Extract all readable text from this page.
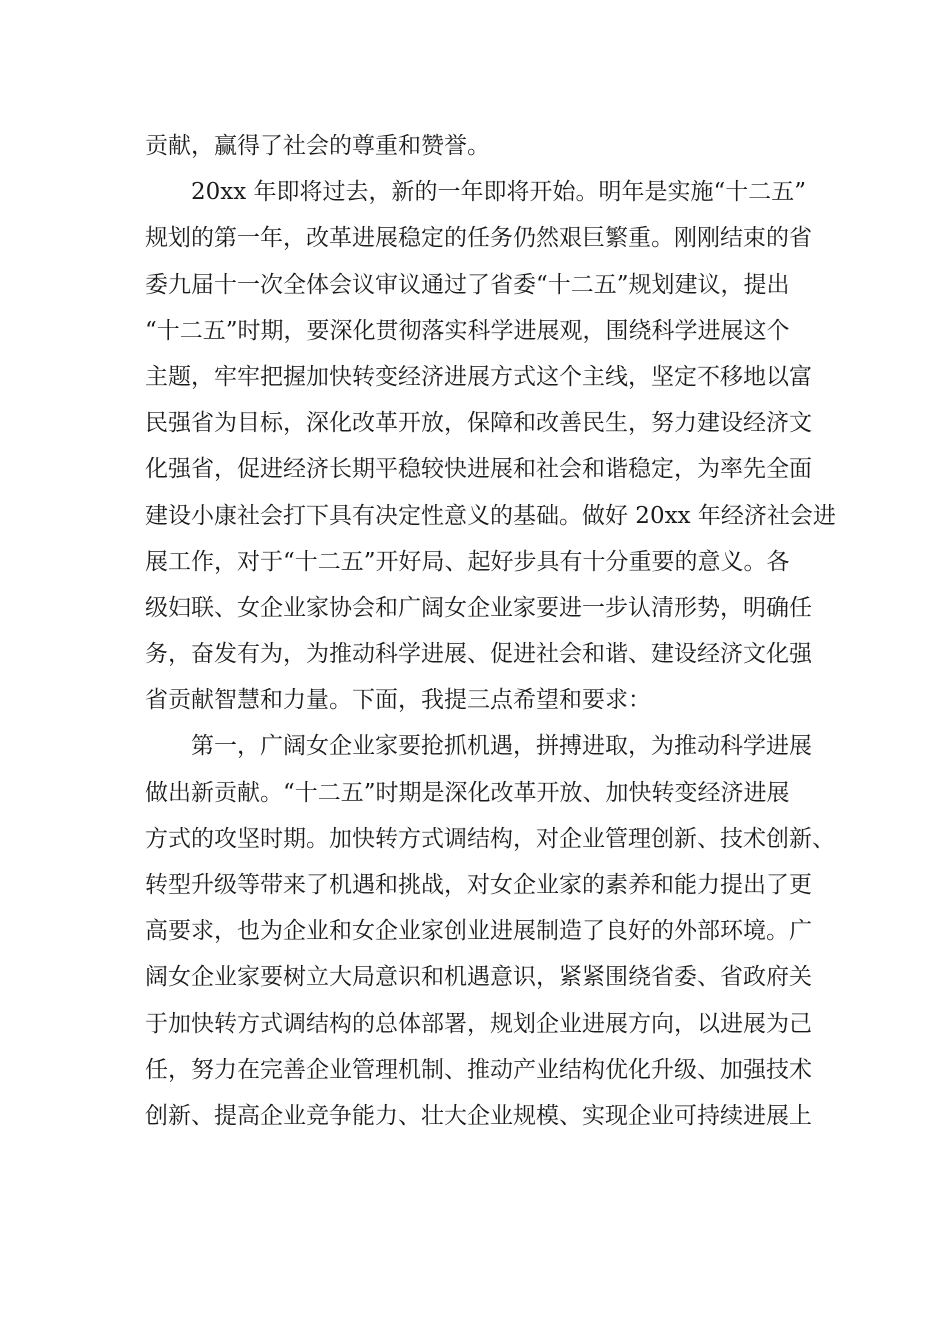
贡献，赢得了社会的尊重和赞誉。
20xx 年即将过去，新的一年即将开始。明年是实施“十二五”
规划的第一年，改革进展稳定的任务仍然艰巨繁重。刚刚结束的省
委九届十一次全体会议审议通过了省委“十二五”规划建议，提出
“十二五”时期，要深化贯彻落实科学进展观，围绕科学进展这个
主题，牢牢把握加快转变经济进展方式这个主线，坚定不移地以富
民强省为目标，深化改革开放，保障和改善民生，努力建设经济文
化强省，促进经济长期平稳较快进展和社会和谐稳定，为率先全面
建设小康社会打下具有决定性意义的基础。做好 20xx 年经济社会进
展工作，对于“十二五”开好局、起好步具有十分重要的意义。各
级妇联、女企业家协会和广阔女企业家要进一步认清形势，明确任
务，奋发有为，为推动科学进展、促进社会和谐、建设经济文化强
省贡献智慧和力量。下面，我提三点希望和要求：
第一，广阔女企业家要抢抓机遇，拼搏进取，为推动科学进展
做出新贡献。“十二五”时期是深化改革开放、加快转变经济进展
方式的攻坚时期。加快转方式调结构，对企业管理创新、技术创新、
转型升级等带来了机遇和挑战，对女企业家的素养和能力提出了更
高要求，也为企业和女企业家创业进展制造了良好的外部环境。广
阔女企业家要树立大局意识和机遇意识，紧紧围绕省委、省政府关
于加快转方式调结构的总体部署，规划企业进展方向，以进展为己
任，努力在完善企业管理机制、推动产业结构优化升级、加强技术
创新、提高企业竞争能力、壮大企业规模、实现企业可持续进展上
